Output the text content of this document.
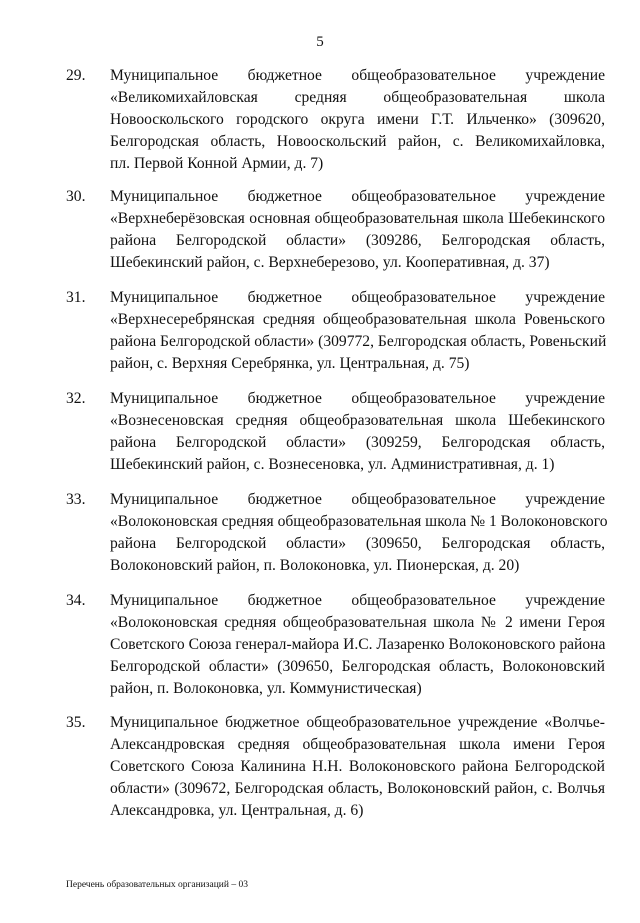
5
29. Муниципальное бюджетное общеобразовательное учреждение
«Великомихайловская средняя общеобразовательная школа
Новооскольского городского округа имени Г.Т. Ильченко» (309620,
Белгородская область, Новооскольский район, с. Великомихайловка,
пл. Первой Конной Армии, д. 7)
30. Муниципальное бюджетное общеобразовательное учреждение
«Верхнеберёзовская основная общеобразовательная школа Шебекинского
района Белгородской области» (309286, Белгородская область,
Шебекинский район, с. Верхнеберезово, ул. Кооперативная, д. 37)
31. Муниципальное бюджетное общеобразовательное учреждение
«Верхнесеребрянская средняя общеобразовательная школа Ровеньского
района Белгородской области» (309772, Белгородская область, Ровеньский
район, с. Верхняя Серебрянка, ул. Центральная, д. 75)
32. Муниципальное бюджетное общеобразовательное учреждение
«Вознесеновская средняя общеобразовательная школа Шебекинского
района Белгородской области» (309259, Белгородская область,
Шебекинский район, с. Вознесеновка, ул. Административная, д. 1)
33. Муниципальное бюджетное общеобразовательное учреждение
«Волоконовская средняя общеобразовательная школа № 1 Волоконовского
района Белгородской области» (309650, Белгородская область,
Волоконовский район, п. Волоконовка, ул. Пионерская, д. 20)
34. Муниципальное бюджетное общеобразовательное учреждение
«Волоконовская средняя общеобразовательная школа № 2 имени Героя
Советского Союза генерал-майора И.С. Лазаренко Волоконовского района
Белгородской области» (309650, Белгородская область, Волоконовский
район, п. Волоконовка, ул. Коммунистическая)
35. Муниципальное бюджетное общеобразовательное учреждение «Волчье-
Александровская средняя общеобразовательная школа имени Героя
Советского Союза Калинина Н.Н. Волоконовского района Белгородской
области» (309672, Белгородская область, Волоконовский район, с. Волчья
Александровка, ул. Центральная, д. 6)
Перечень образовательных организаций – 03
